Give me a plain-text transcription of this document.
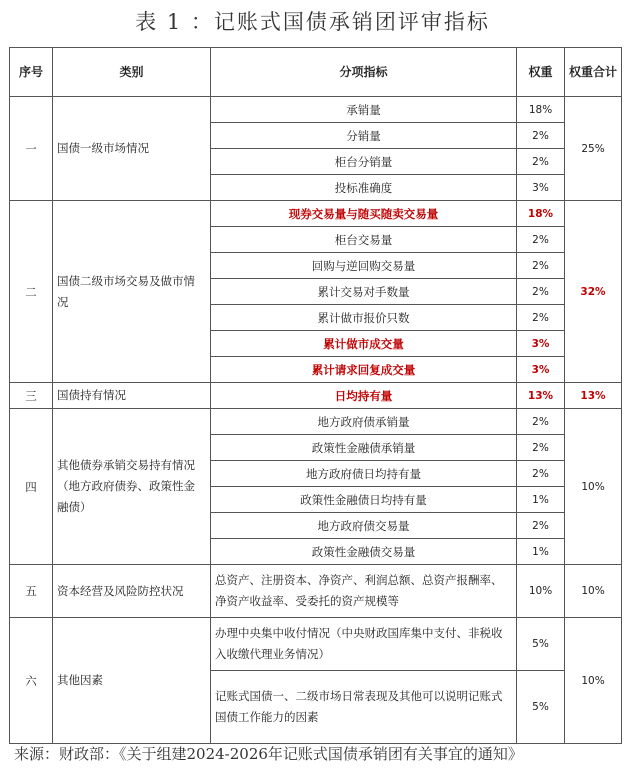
表 1 ：记账式国债承销团评审指标
序号	类别	分项指标	权重	权重合计
一	国债一级市场情况	承销量	18%	25%
		分销量	2%	
		柜台分销量	2%	
		投标准确度	3%	
二	国债二级市场交易及做市情况	现券交易量与随买随卖交易量	18%	32%
		柜台交易量	2%	
		回购与逆回购交易量	2%	
		累计交易对手数量	2%	
		累计做市报价只数	2%	
		累计做市成交量	3%	
		累计请求回复成交量	3%	
三	国债持有情况	日均持有量	13%	13%
四	其他债券承销交易持有情况（地方政府债券、政策性金融债）	地方政府债承销量	2%	10%
		政策性金融债承销量	2%	
		地方政府债日均持有量	2%	
		政策性金融债日均持有量	1%	
		地方政府债交易量	2%	
		政策性金融债交易量	1%	
五	资本经营及风险防控状况	总资产、注册资本、净资产、利润总额、总资产报酬率、净资产收益率、受委托的资产规模等	10%	10%
六	其他因素	办理中央集中收付情况（中央财政国库集中支付、非税收入收缴代理业务情况）	5%	10%
		记账式国债一、二级市场日常表现及其他可以说明记账式国债工作能力的因素	5%	
来源：财政部：《关于组建2024-2026年记账式国债承销团有关事宜的通知》
